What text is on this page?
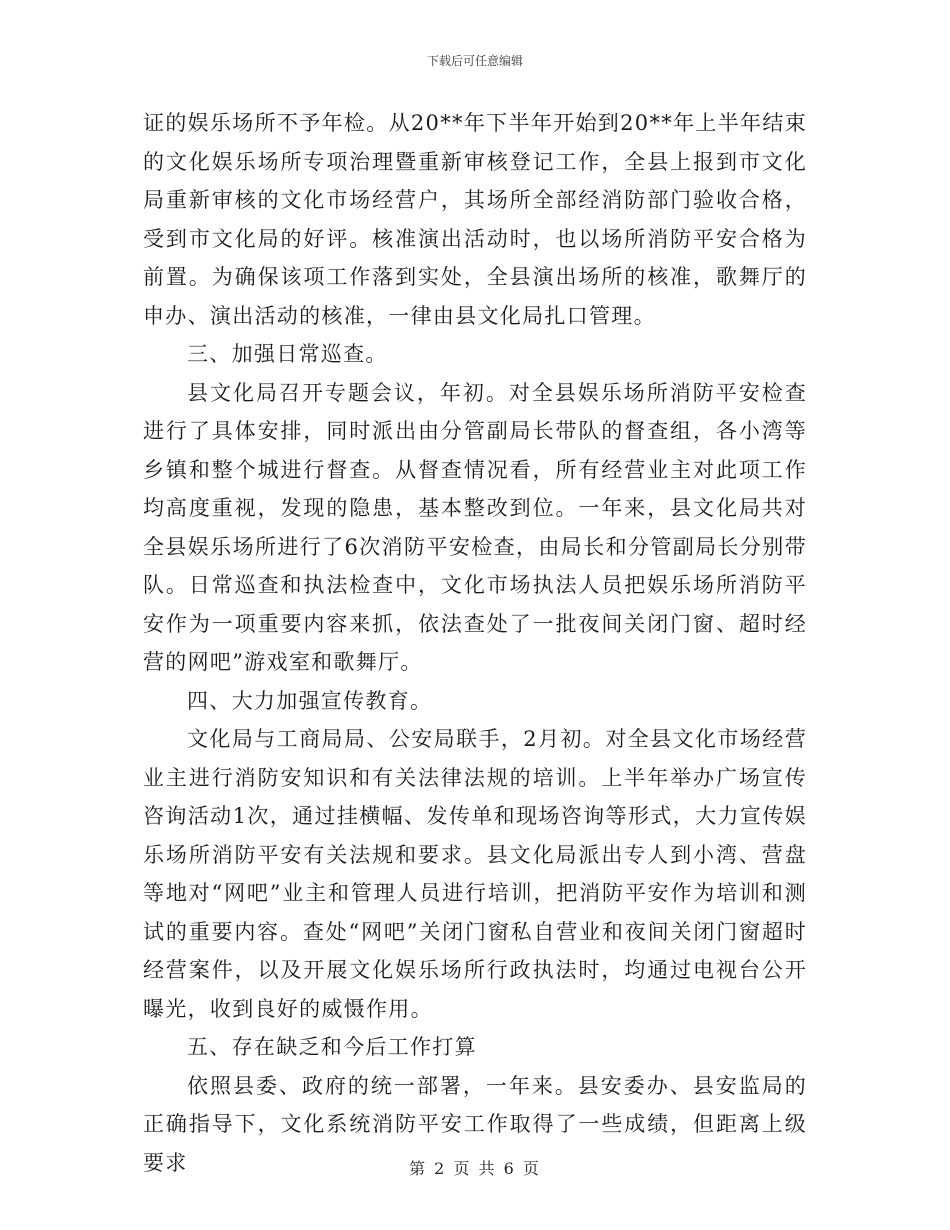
下载后可任意编辑

证的娱乐场所不予年检。从20**年下半年开始到20**年上半年结束的文化娱乐场所专项治理暨重新审核登记工作，全县上报到市文化局重新审核的文化市场经营户，其场所全部经消防部门验收合格，受到市文化局的好评。核准演出活动时，也以场所消防平安合格为前置。为确保该项工作落到实处，全县演出场所的核准，歌舞厅的申办、演出活动的核准，一律由县文化局扎口管理。

三、加强日常巡查。

县文化局召开专题会议，年初。对全县娱乐场所消防平安检查进行了具体安排，同时派出由分管副局长带队的督查组，各小湾等乡镇和整个城进行督查。从督查情况看，所有经营业主对此项工作均高度重视，发现的隐患，基本整改到位。一年来，县文化局共对全县娱乐场所进行了6次消防平安检查，由局长和分管副局长分别带队。日常巡查和执法检查中，文化市场执法人员把娱乐场所消防平安作为一项重要内容来抓，依法查处了一批夜间关闭门窗、超时经营的网吧”游戏室和歌舞厅。

四、大力加强宣传教育。

文化局与工商局局、公安局联手，2月初。对全县文化市场经营业主进行消防安知识和有关法律法规的培训。上半年举办广场宣传咨询活动1次，通过挂横幅、发传单和现场咨询等形式，大力宣传娱乐场所消防平安有关法规和要求。县文化局派出专人到小湾、营盘等地对“网吧”业主和管理人员进行培训，把消防平安作为培训和测试的重要内容。查处“网吧”关闭门窗私自营业和夜间关闭门窗超时经营案件，以及开展文化娱乐场所行政执法时，均通过电视台公开曝光，收到良好的威慑作用。

五、存在缺乏和今后工作打算

依照县委、政府的统一部署，一年来。县安委办、县安监局的正确指导下，文化系统消防平安工作取得了一些成绩，但距离上级要求	第 2 页 共 6 页
